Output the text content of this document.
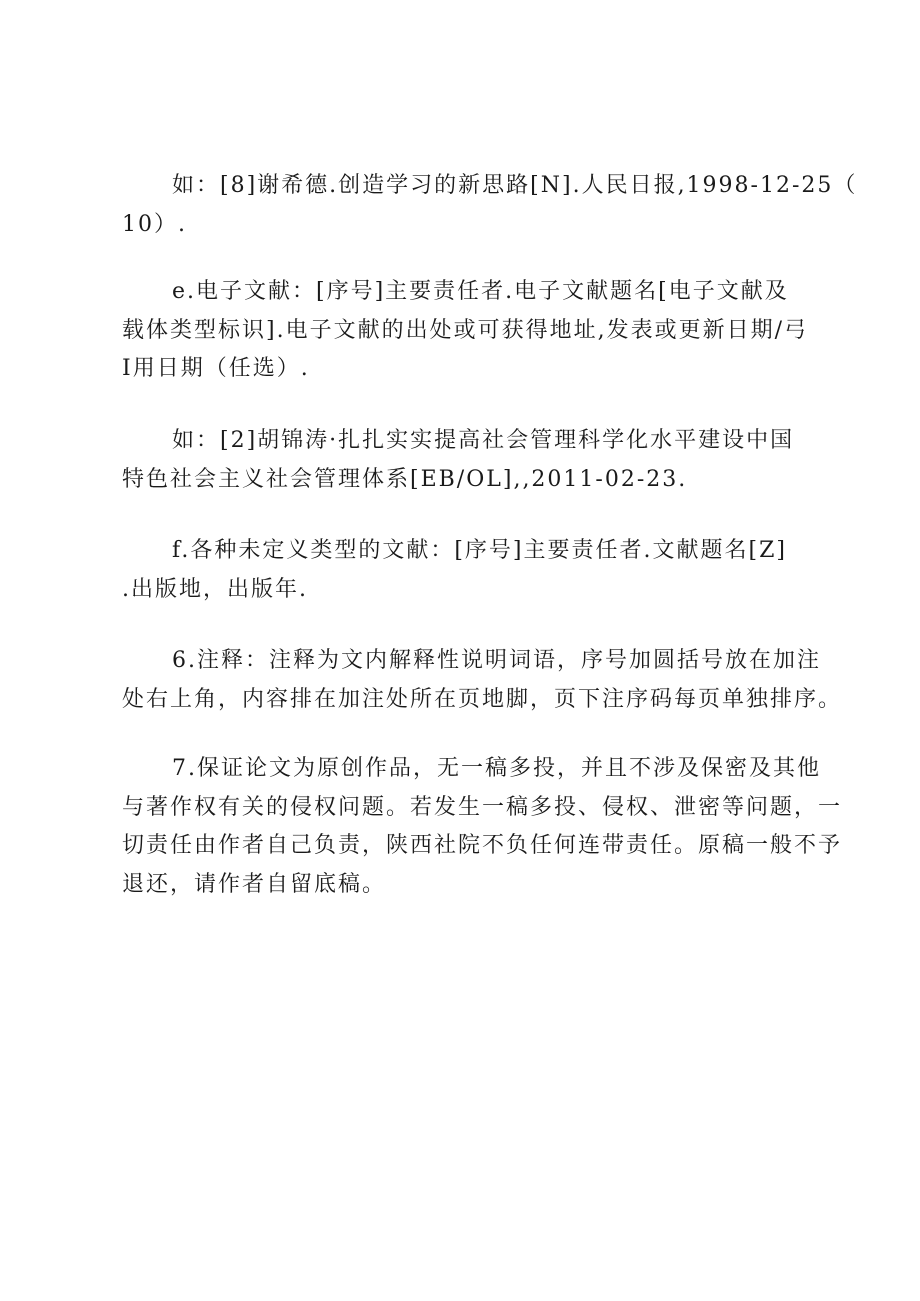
如：[8]谢希德.创造学习的新思路[N].人民日报,1998-12-25（
10）.
e.电子文献：[序号]主要责任者.电子文献题名[电子文献及
载体类型标识].电子文献的出处或可获得地址,发表或更新日期/弓
I用日期（任选）.
如：[2]胡锦涛·扎扎实实提高社会管理科学化水平建设中国
特色社会主义社会管理体系[EB/OL],,2011-02-23.
f.各种未定义类型的文献：[序号]主要责任者.文献题名[Z]
.出版地，出版年.
6.注释：注释为文内解释性说明词语，序号加圆括号放在加注
处右上角，内容排在加注处所在页地脚，页下注序码每页单独排序。
7.保证论文为原创作品，无一稿多投，并且不涉及保密及其他
与著作权有关的侵权问题。若发生一稿多投、侵权、泄密等问题，一
切责任由作者自己负责，陕西社院不负任何连带责任。原稿一般不予
退还，请作者自留底稿。
